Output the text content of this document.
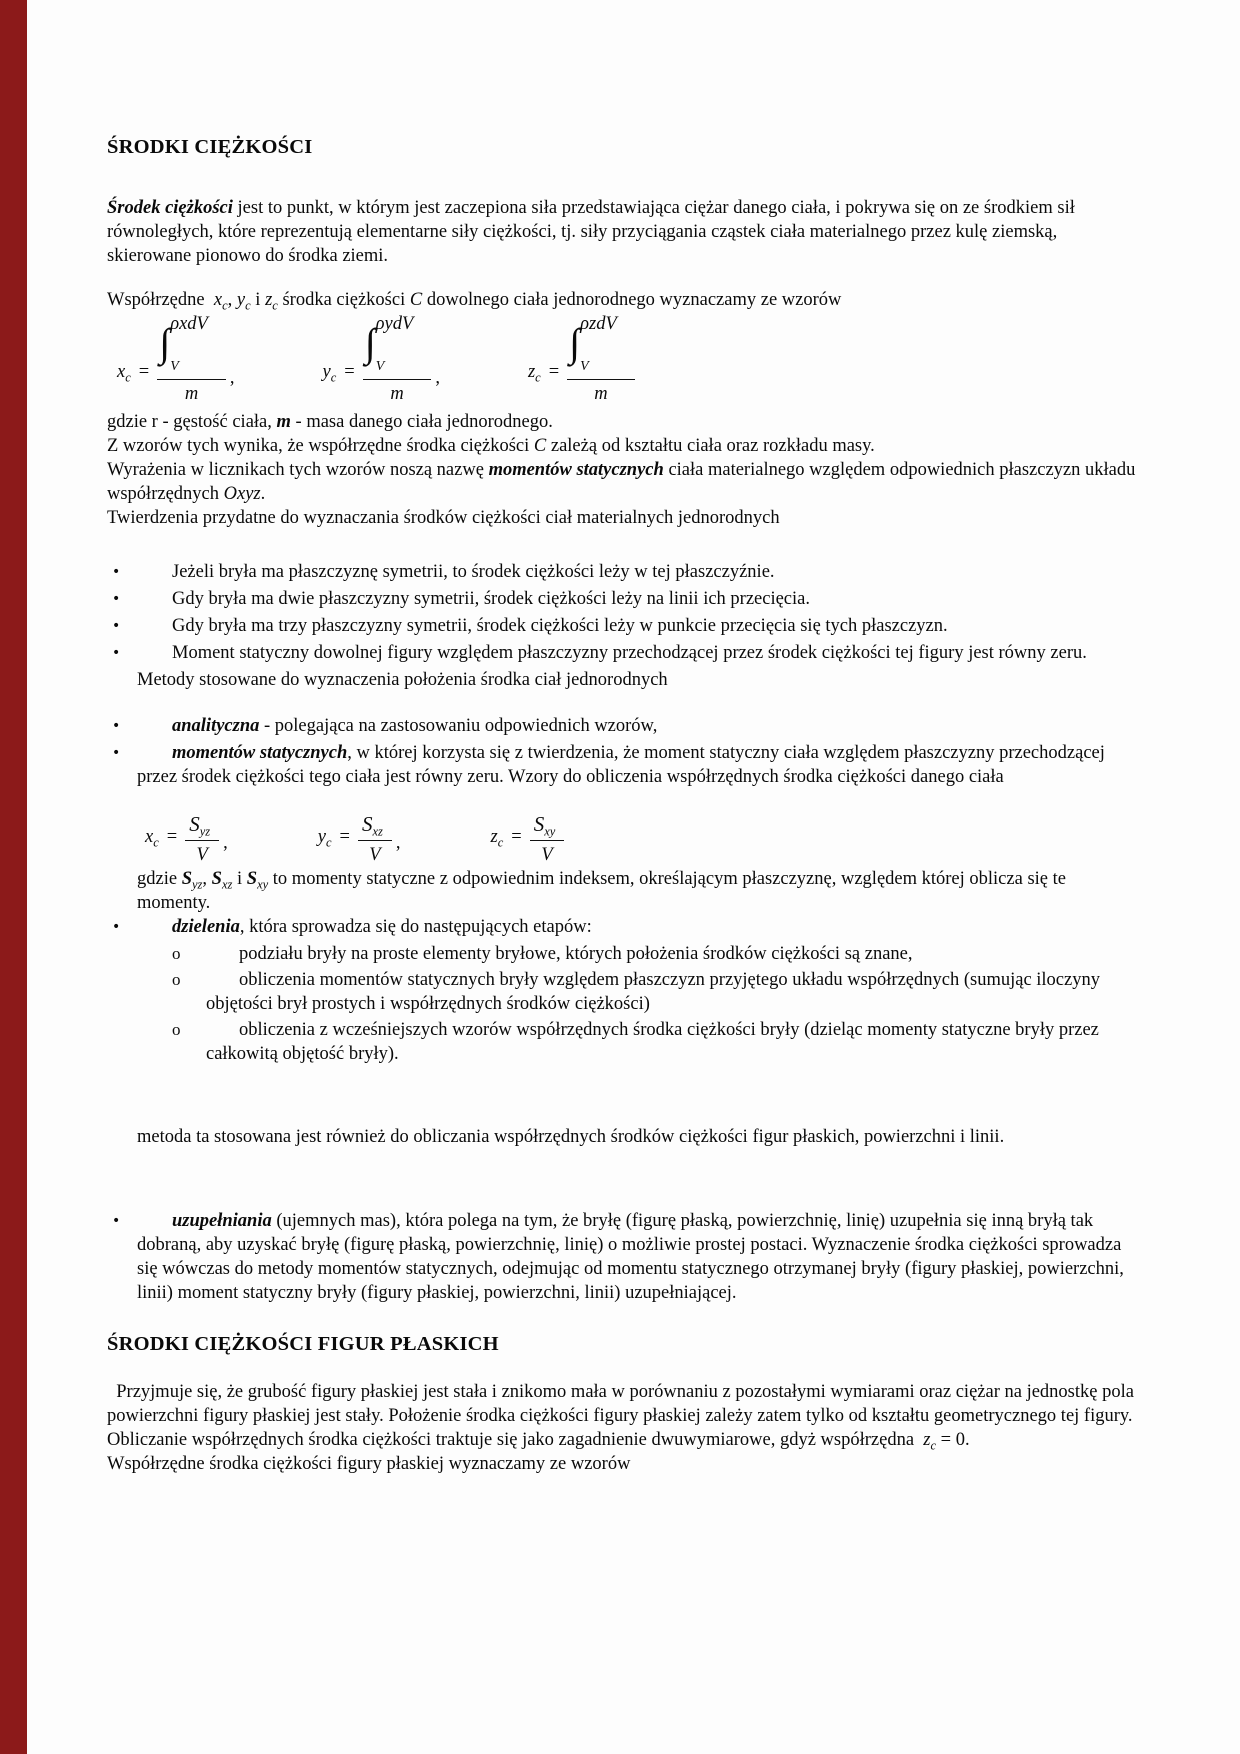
ŚRODKI CIĘŻKOŚCI

Środek ciężkości jest to punkt, w którym jest zaczepiona siła przedstawiająca ciężar danego ciała, i pokrywa się on ze środkiem sił równoległych, które reprezentują elementarne siły ciężkości, tj. siły przyciągania cząstek ciała materialnego przez kulę ziemską, skierowane pionowo do środka ziemi.

Współrzędne  $x_c$, $y_c$ i $z_c$ środka ciężkości C dowolnego ciała jednorodnego wyznaczamy ze wzorów

$x_c = \int\rho xdV$
V
m ,	$y_c = \int\rho ydV$
V
m ,	$z_c = \int\rho zdV$
V
m

gdzie r - gęstość ciała, m - masa danego ciała jednorodnego.

Z wzorów tych wynika, że współrzędne środka ciężkości C zależą od kształtu ciała oraz rozkładu masy.

Wyrażenia w licznikach tych wzorów noszą nazwę momentów statycznych ciała materialnego względem odpowiednich płaszczyzn układu współrzędnych Oxyz.

Twierdzenia przydatne do wyznaczania środków ciężkości ciał materialnych jednorodnych

•	Jeżeli bryła ma płaszczyznę symetrii, to środek ciężkości leży w tej płaszczyźnie.
•	Gdy bryła ma dwie płaszczyzny symetrii, środek ciężkości leży na linii ich przecięcia.
•	Gdy bryła ma trzy płaszczyzny symetrii, środek ciężkości leży w punkcie przecięcia się tych płaszczyzn.
•	Moment statyczny dowolnej figury względem płaszczyzny przechodzącej przez środek ciężkości tej figury jest równy zeru.

Metody stosowane do wyznaczenia położenia środka ciał jednorodnych

•	analityczna - polegająca na zastosowaniu odpowiednich wzorów,
•	momentów statycznych, w której korzysta się z twierdzenia, że moment statyczny ciała względem płaszczyzny przechodzącej przez środek ciężkości tego ciała jest równy zeru. Wzory do obliczenia współrzędnych środka ciężkości danego ciała
$x_c = \frac{S_{yz}}{V}$ ,	$y_c = \frac{S_{xz}}{V}$ ,	$z_c = \frac{S_{xy}}{V}$

gdzie $S_{yz}$, $S_{xz}$ i $S_{xy}$ to momenty statyczne z odpowiednim indeksem, określającym płaszczyznę, względem której oblicza się te momenty.

•	dzielenia, która sprowadza się do następujących etapów:
o	podziału bryły na proste elementy bryłowe, których położenia środków ciężkości są znane,
o	obliczenia momentów statycznych bryły względem płaszczyzn przyjętego układu współrzędnych (sumując iloczyny objętości brył prostych i współrzędnych środków ciężkości)
o	obliczenia z wcześniejszych wzorów współrzędnych środka ciężkości bryły (dzieląc momenty statyczne bryły przez całkowitą objętość bryły).

metoda ta stosowana jest również do obliczania współrzędnych środków ciężkości figur płaskich, powierzchni i linii.

•	uzupełniania (ujemnych mas), która polega na tym, że bryłę (figurę płaską, powierzchnię, linię) uzupełnia się inną bryłą tak dobraną, aby uzyskać bryłę (figurę płaską, powierzchnię, linię) o możliwie prostej postaci. Wyznaczenie środka ciężkości sprowadza się wówczas do metody momentów statycznych, odejmując od momentu statycznego otrzymanej bryły (figury płaskiej, powierzchni, linii) moment statyczny bryły (figury płaskiej, powierzchni, linii) uzupełniającej.
ŚRODKI CIĘŻKOŚCI FIGUR PŁASKICH

Przyjmuje się, że grubość figury płaskiej jest stała i znikomo mała w porównaniu z pozostałymi wymiarami oraz ciężar na jednostkę pola powierzchni figury płaskiej jest stały. Położenie środka ciężkości figury płaskiej zależy zatem tylko od kształtu geometrycznego tej figury.

Obliczanie współrzędnych środka ciężkości traktuje się jako zagadnienie dwuwymiarowe, gdyż współrzędna  $z_c = 0$.

Współrzędne środka ciężkości figury płaskiej wyznaczamy ze wzorów
